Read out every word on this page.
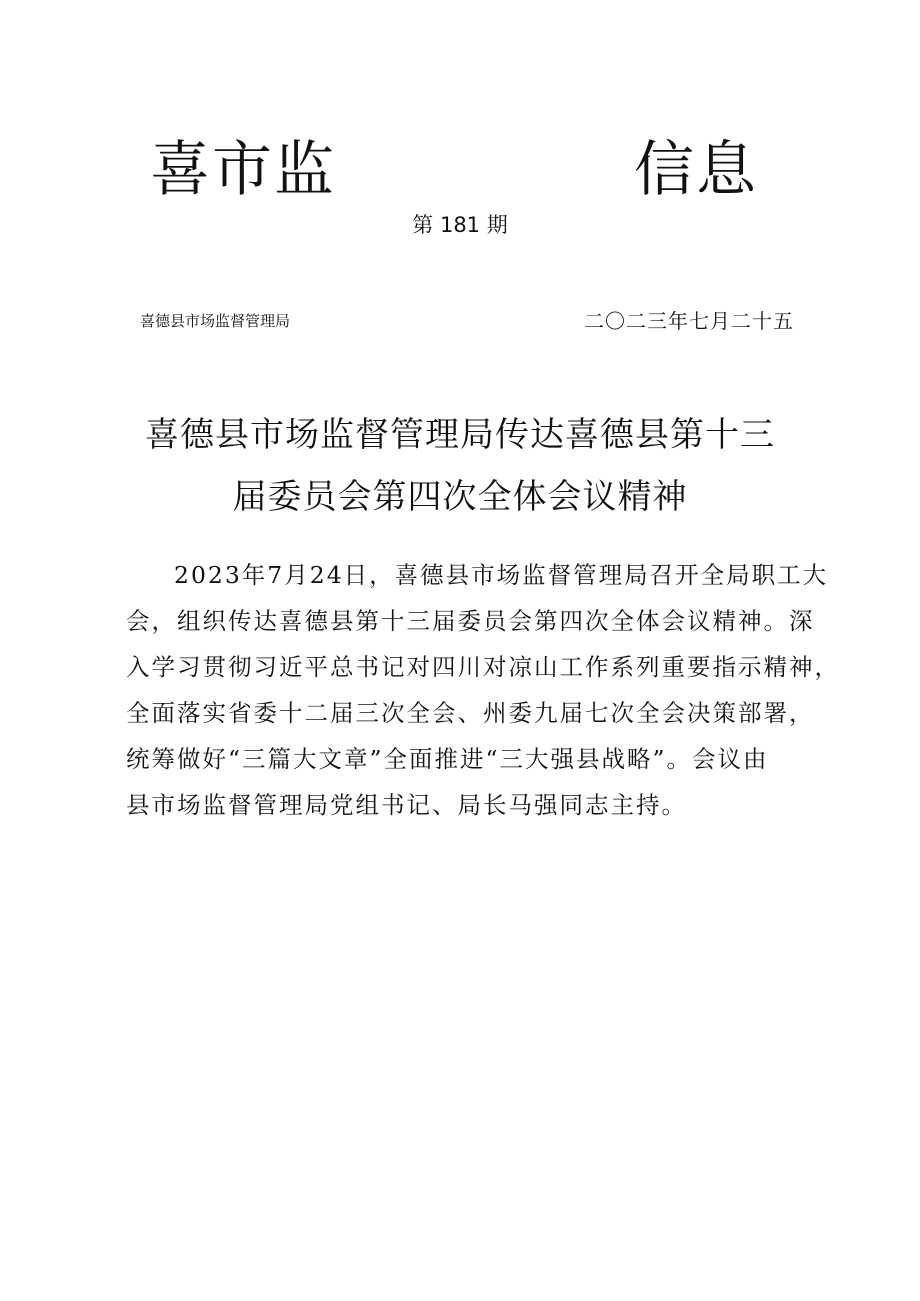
喜市监	信息
第 181 期
喜德县市场监督管理局	二〇二三年七月二十五
喜德县市场监督管理局传达喜德县第十三
届委员会第四次全体会议精神
2023年7月24日，喜德县市场监督管理局召开全局职工大
会，组织传达喜德县第十三届委员会第四次全体会议精神。深
入学习贯彻习近平总书记对四川对凉山工作系列重要指示精神，
全面落实省委十二届三次全会、州委九届七次全会决策部署，
统筹做好“三篇大文章”全面推进“三大强县战略”。会议由
县市场监督管理局党组书记、局长马强同志主持。
